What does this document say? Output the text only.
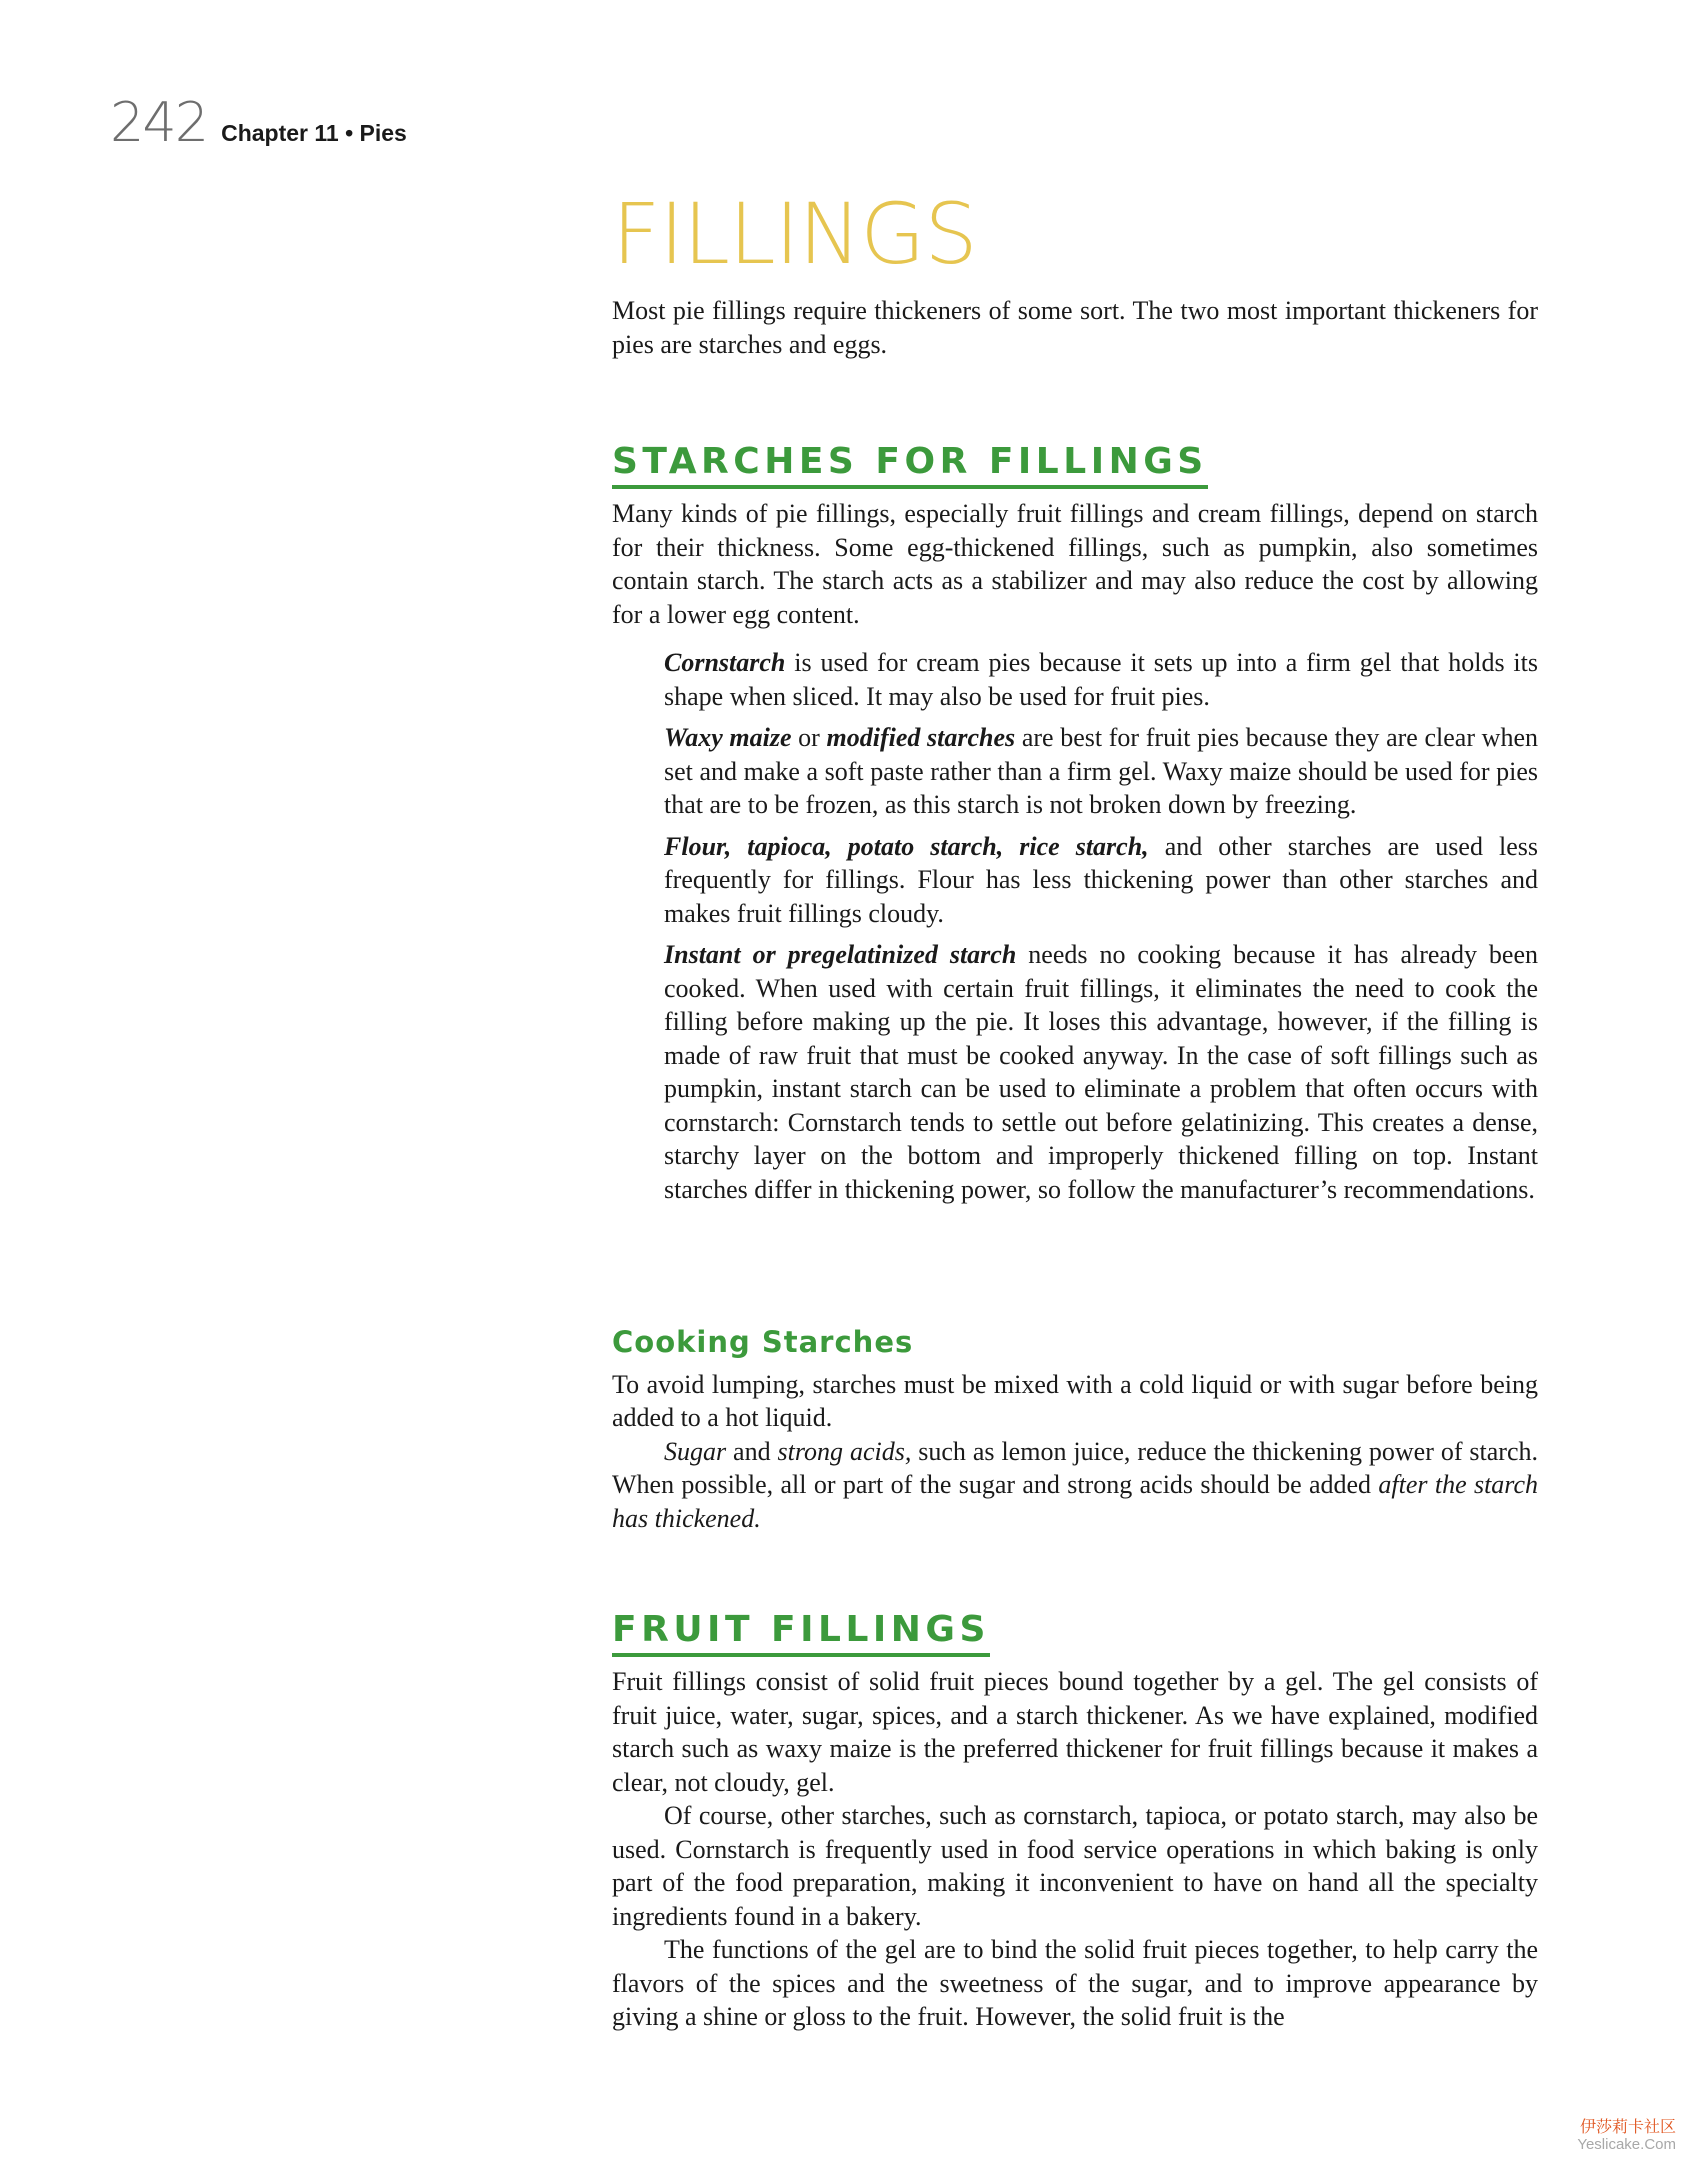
242 Chapter 11 • Pies
FILLINGS

Most pie fillings require thickeners of some sort. The two most important thickeners for pies are starches and eggs.

STARCHES FOR FILLINGS

Many kinds of pie fillings, especially fruit fillings and cream fillings, depend on starch for their thickness. Some egg-thickened fillings, such as pumpkin, also sometimes contain starch. The starch acts as a stabilizer and may also reduce the cost by allowing for a lower egg content.

Cornstarch is used for cream pies because it sets up into a firm gel that holds its shape when sliced. It may also be used for fruit pies.

Waxy maize or modified starches are best for fruit pies because they are clear when set and make a soft paste rather than a firm gel. Waxy maize should be used for pies that are to be frozen, as this starch is not broken down by freezing.

Flour, tapioca, potato starch, rice starch, and other starches are used less frequently for fillings. Flour has less thickening power than other starches and makes fruit fillings cloudy.

Instant or pregelatinized starch needs no cooking because it has already been cooked. When used with certain fruit fillings, it eliminates the need to cook the filling before making up the pie. It loses this advantage, however, if the filling is made of raw fruit that must be cooked anyway. In the case of soft fillings such as pumpkin, instant starch can be used to eliminate a problem that often occurs with cornstarch: Cornstarch tends to settle out before gelatinizing. This creates a dense, starchy layer on the bottom and improperly thickened filling on top. Instant starches differ in thickening power, so follow the manufacturer’s recommendations.

Cooking Starches

To avoid lumping, starches must be mixed with a cold liquid or with sugar before being added to a hot liquid.

Sugar and strong acids, such as lemon juice, reduce the thickening power of starch. When possible, all or part of the sugar and strong acids should be added after the starch has thickened.

FRUIT FILLINGS

Fruit fillings consist of solid fruit pieces bound together by a gel. The gel consists of fruit juice, water, sugar, spices, and a starch thickener. As we have explained, modified starch such as waxy maize is the preferred thickener for fruit fillings because it makes a clear, not cloudy, gel.

Of course, other starches, such as cornstarch, tapioca, or potato starch, may also be used. Cornstarch is frequently used in food service operations in which baking is only part of the food preparation, making it inconvenient to have on hand all the specialty ingredients found in a bakery.

The functions of the gel are to bind the solid fruit pieces together, to help carry the flavors of the spices and the sweetness of the sugar, and to improve appearance by giving a shine or gloss to the fruit. However, the solid fruit is the

伊莎莉卡社区
Yeslicake.Com
